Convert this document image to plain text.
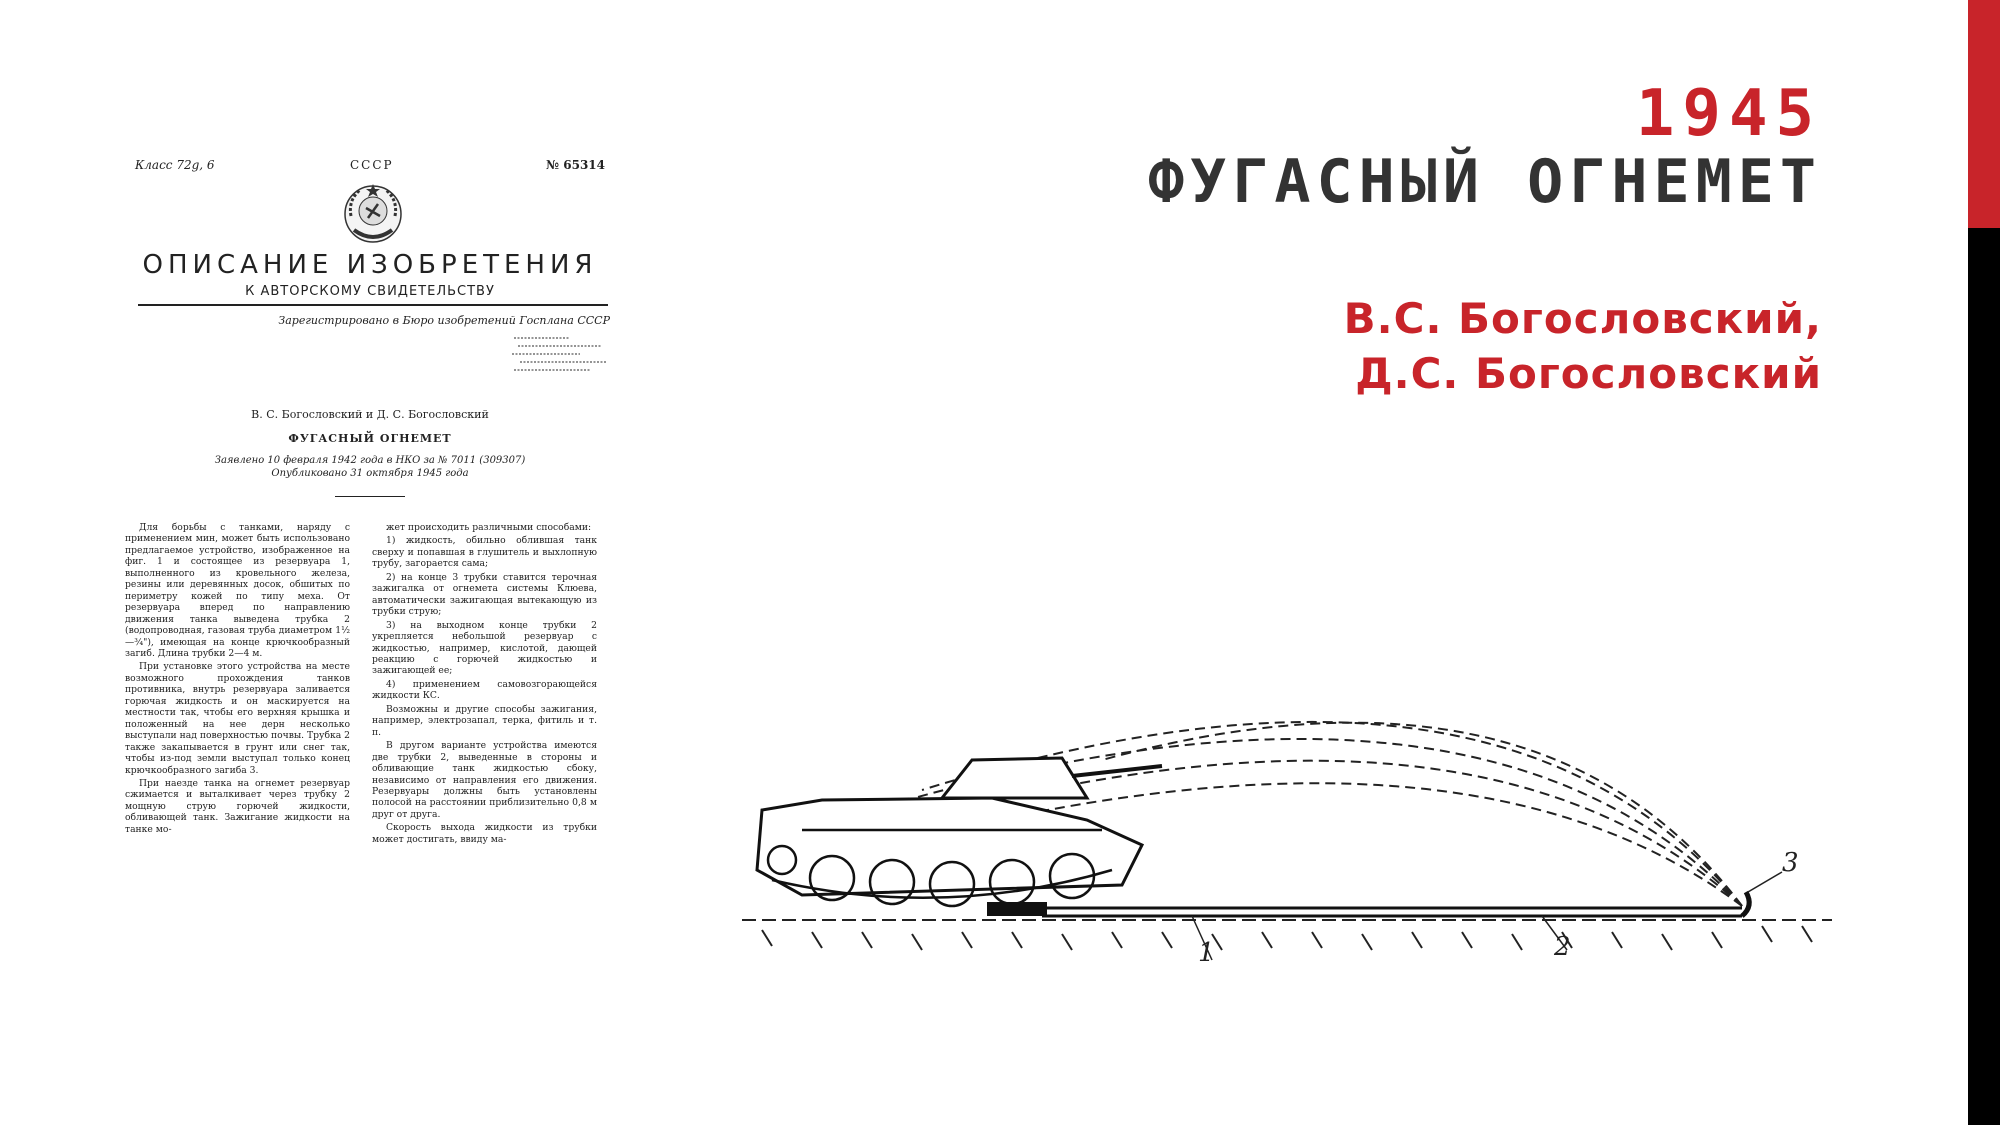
1945
ФУГАСНЫЙ ОГНЕМЕТ
В.С. Богословский,
Д.С. Богословский
Класс 72g, 6	СССР	№ 65314
ОПИСАНИЕ ИЗОБРЕТЕНИЯ
К АВТОРСКОМУ СВИДЕТЕЛЬСТВУ
Зарегистрировано в Бюро изобретений Госплана СССР
В. С. Богословский и Д. С. Богословский
ФУГАСНЫЙ ОГНЕМЕТ
Заявлено 10 февраля 1942 года в НКО за № 7011 (309307)
Опубликовано 31 октября 1945 года

Для борьбы с танками, наряду с применением мин, может быть использовано предлагаемое устройство, изображенное на фиг. 1 и состоящее из резервуара 1, выполненного из кровельного железа, резины или деревянных досок, обшитых по периметру кожей по типу меха. От резервуара вперед по направлению движения танка выведена трубка 2 (водопроводная, газовая труба диаметром 1½—¾"), имеющая на конце крючкообразный загиб. Длина трубки 2—4 м.

При установке этого устройства на месте возможного прохождения танков противника, внутрь резервуара заливается горючая жидкость и он маскируется на местности так, чтобы его верхняя крышка и положенный на нее дерн несколько выступали над поверхностью почвы. Трубка 2 также закапывается в грунт или снег так, чтобы из-под земли выступал только конец крючкообразного загиба 3.

При наезде танка на огнемет резервуар сжимается и выталкивает через трубку 2 мощную струю горючей жидкости, обливающей танк. Зажигание жидкости на танке мо-

жет происходить различными способами:

1) жидкость, обильно облившая танк сверху и попавшая в глушитель и выхлопную трубу, загорается сама;

2) на конце 3 трубки ставится терочная зажигалка от огнемета системы Клюева, автоматически зажигающая вытекающую из трубки струю;

3) на выходном конце трубки 2 укрепляется небольшой резервуар с жидкостью, например, кислотой, дающей реакцию с горючей жидкостью и зажигающей ее;

4) применением самовозгорающейся жидкости КС.

Возможны и другие способы зажигания, например, электрозапал, терка, фитиль и т. п.

В другом варианте устройства имеются две трубки 2, выведенные в стороны и обливающие танк жидкостью сбоку, независимо от направления его движения. Резервуары должны быть установлены полосой на расстоянии приблизительно 0,8 м друг от друга.

Скорость выхода жидкости из трубки может достигать, ввиду ма-

1	2
3
